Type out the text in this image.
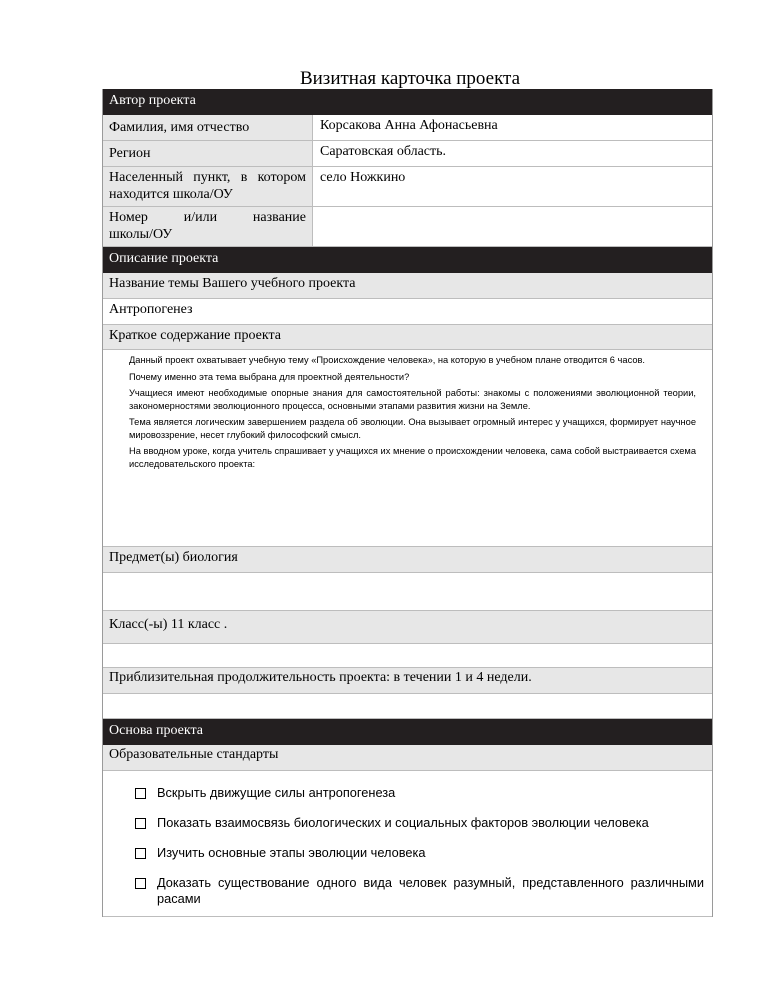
Визитная карточка проекта
Автор проекта
Фамилия, имя отчество	Корсакова Анна Афонасьевна
Регион	Саратовская область.
Населенный пункт, в котором
находится школа/ОУ
село Ножкино
Номер и/или название
школы/ОУ
Описание проекта
Название темы Вашего учебного проекта
Антропогенез
Краткое содержание проекта

Данный проект охватывает учебную тему «Происхождение человека», на которую в учебном плане отводится 6 часов.

Почему именно эта тема выбрана для проектной деятельности?

Учащиеся имеют необходимые опорные знания для самостоятельной работы: знакомы с положениями эволюционной теории, закономерностями эволюционного процесса, основными этапами развития жизни на Земле.

Тема является логическим завершением раздела об эволюции. Она вызывает огромный интерес у учащихся, формирует научное мировоззрение, несет глубокий философский смысл.

На вводном уроке, когда учитель спрашивает у учащихся их мнение о происхождении человека, сама собой выстраивается схема исследовательского проекта:

Предмет(ы) биология
Класс(-ы) 11 класс .
Приблизительная продолжительность проекта: в течении 1 и 4 недели.
Основа проекта
Образовательные стандарты
Вскрыть движущие силы антропогенеза
Показать взаимосвязь биологических и социальных факторов эволюции человека
Изучить основные этапы эволюции человека
Доказать существование одного вида человек разумный, представленного различными расами
